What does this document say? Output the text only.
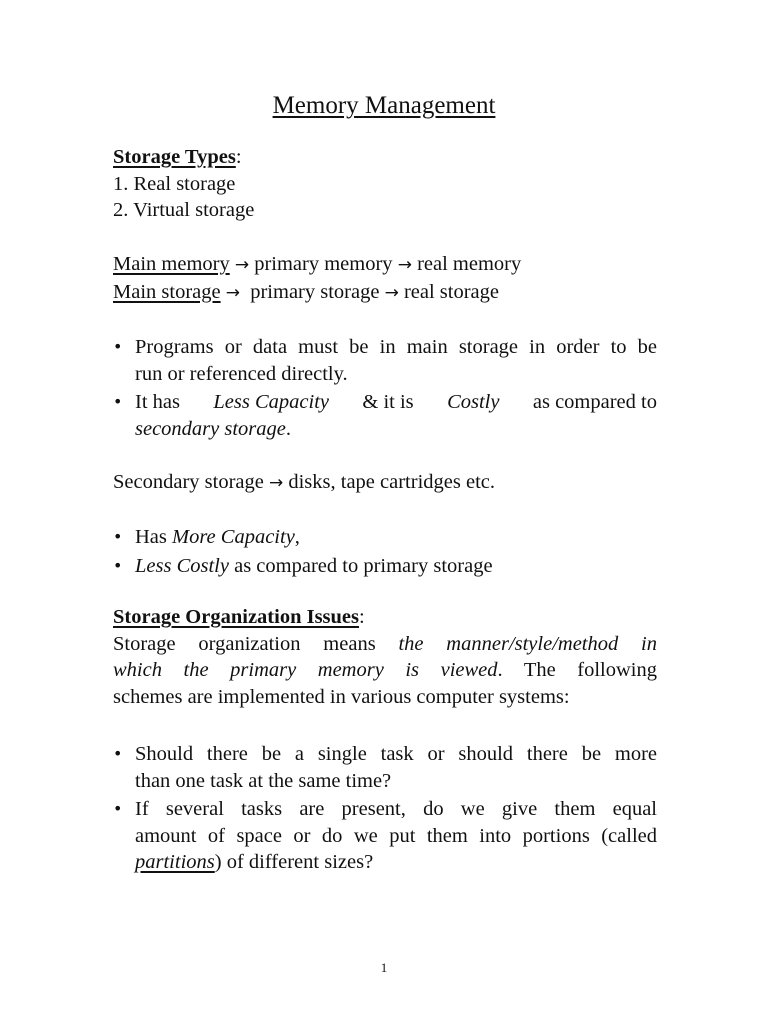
Memory Management
Storage Types:
1. Real storage
2. Virtual storage
Main memory → primary memory → real memory
Main storage → primary storage → real storage
• Programs or data must be in main storage in order to be
run or referenced directly.
• It has Less Capacity & it is Costly as compared to
secondary storage.
Secondary storage → disks, tape cartridges etc.
• Has More Capacity,
• Less Costly as compared to primary storage
Storage Organization Issues:
Storage organization means the manner/style/method in
which the primary memory is viewed. The following
schemes are implemented in various computer systems:
• Should there be a single task or should there be more
than one task at the same time?
• If several tasks are present, do we give them equal
amount of space or do we put them into portions (called
partitions) of different sizes?
1
